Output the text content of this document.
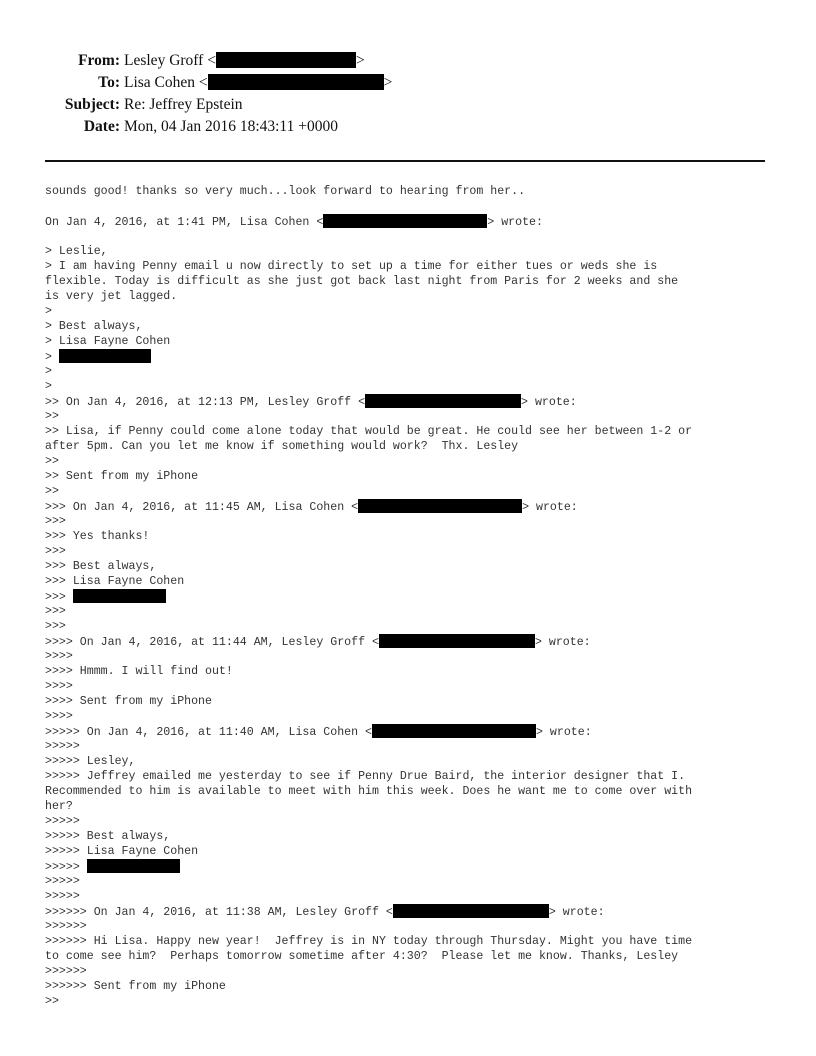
From: Lesley Groff <	>
To: Lisa Cohen <	>
Subject: Re: Jeffrey Epstein
Date: Mon, 04 Jan 2016 18:43:11 +0000
sounds good! thanks so very much...look forward to hearing from her..
On Jan 4, 2016, at 1:41 PM, Lisa Cohen <	> wrote:
> Leslie,
> I am having Penny email u now directly to set up a time for either tues or weds she is
flexible. Today is difficult as she just got back last night from Paris for 2 weeks and she
is very jet lagged.
>
> Best always,
> Lisa Fayne Cohen
>
>
>
>> On Jan 4, 2016, at 12:13 PM, Lesley Groff <	> wrote:
>>
>> Lisa, if Penny could come alone today that would be great. He could see her between 1-2 or
after 5pm. Can you let me know if something would work?  Thx. Lesley
>>
>> Sent from my iPhone
>>
>>> On Jan 4, 2016, at 11:45 AM, Lisa Cohen <	> wrote:
>>>
>>> Yes thanks!
>>>
>>> Best always,
>>> Lisa Fayne Cohen
>>>
>>>
>>>
>>>> On Jan 4, 2016, at 11:44 AM, Lesley Groff <	> wrote:
>>>>
>>>> Hmmm. I will find out!
>>>>
>>>> Sent from my iPhone
>>>>
>>>>> On Jan 4, 2016, at 11:40 AM, Lisa Cohen <	> wrote:
>>>>>
>>>>> Lesley,
>>>>> Jeffrey emailed me yesterday to see if Penny Drue Baird, the interior designer that I.
Recommended to him is available to meet with him this week. Does he want me to come over with
her?
>>>>>
>>>>> Best always,
>>>>> Lisa Fayne Cohen
>>>>>
>>>>>
>>>>>
>>>>>> On Jan 4, 2016, at 11:38 AM, Lesley Groff <	> wrote:
>>>>>>
>>>>>> Hi Lisa. Happy new year!  Jeffrey is in NY today through Thursday. Might you have time
to come see him?  Perhaps tomorrow sometime after 4:30?  Please let me know. Thanks, Lesley
>>>>>>
>>>>>> Sent from my iPhone
>>
